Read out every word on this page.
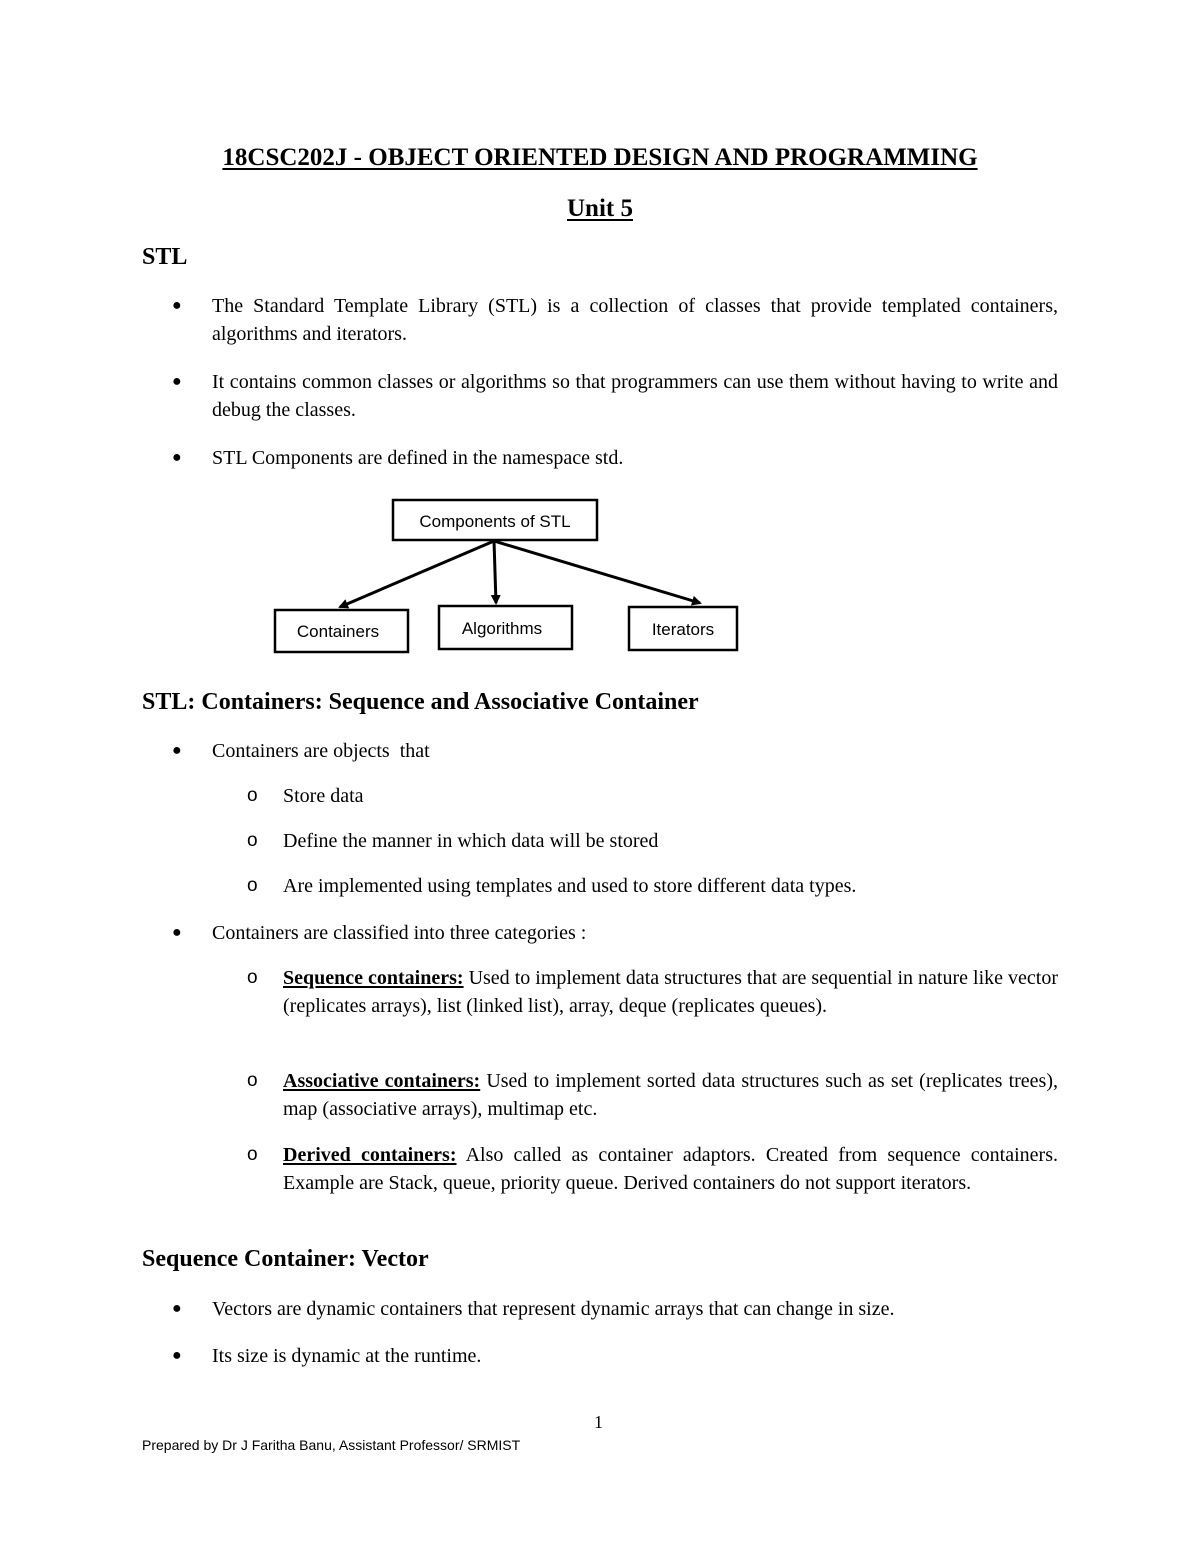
18CSC202J - OBJECT ORIENTED DESIGN AND PROGRAMMING
Unit 5
STL
● The Standard Template Library (STL) is a collection of classes that provide templated containers, algorithms and iterators.
● It contains common classes or algorithms so that programmers can use them without having to write and debug the classes.
● STL Components are defined in the namespace std.
Components of STL
Containers	Algorithms	Iterators
STL: Containers: Sequence and Associative Container
● Containers are objects  that
o Store data
o Define the manner in which data will be stored
o Are implemented using templates and used to store different data types.
● Containers are classified into three categories :
o Sequence containers: Used to implement data structures that are sequential in nature like vector (replicates arrays), list (linked list), array, deque (replicates queues).
o Associative containers: Used to implement sorted data structures such as set (replicates trees), map (associative arrays), multimap etc.
o Derived containers: Also called as container adaptors. Created from sequence containers. Example are Stack, queue, priority queue. Derived containers do not support iterators.
Sequence Container: Vector
● Vectors are dynamic containers that represent dynamic arrays that can change in size.
● Its size is dynamic at the runtime.
1
Prepared by Dr J Faritha Banu, Assistant Professor/ SRMIST
